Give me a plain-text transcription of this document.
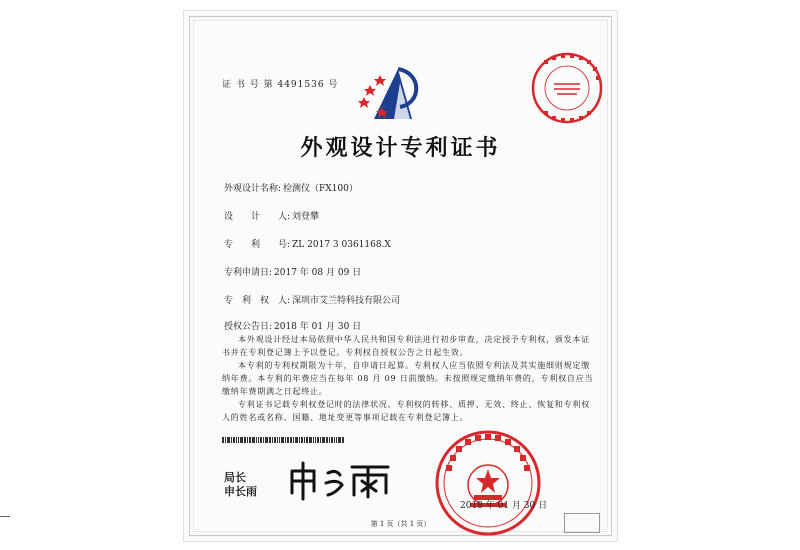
证 书 号 第 4491536 号
外观设计专利证书
外观设计名称: 检测仪（FX100）
设　　计　　人: 刘登攀
专　　利　　号: ZL 2017 3 0361168.X
专利申请日: 2017 年 08 月 09 日
专　利　权　人: 深圳市艾兰特科技有限公司
授权公告日: 2018 年 01 月 30 日

本外观设计经过本局依照中华人民共和国专利法进行初步审查，决定授予专利权，颁发本证书并在专利登记簿上予以登记。专利权自授权公告之日起生效。

本专利的专利权期限为十年，自申请日起算。专利权人应当依照专利法及其实施细则规定缴纳年费。本专利的年费应当在每年 08 月 09 日前缴纳。未按照规定缴纳年费的，专利权自应当缴纳年费期满之日起终止。

专利证书记载专利权登记时的法律状况。专利权的转移、质押、无效、终止、恢复和专利权人的姓名或名称、国籍、地址变更等事项记载在专利登记簿上。

局长
申长雨
2018 年 01 月 30 日
第 1 页（共 1 页）
